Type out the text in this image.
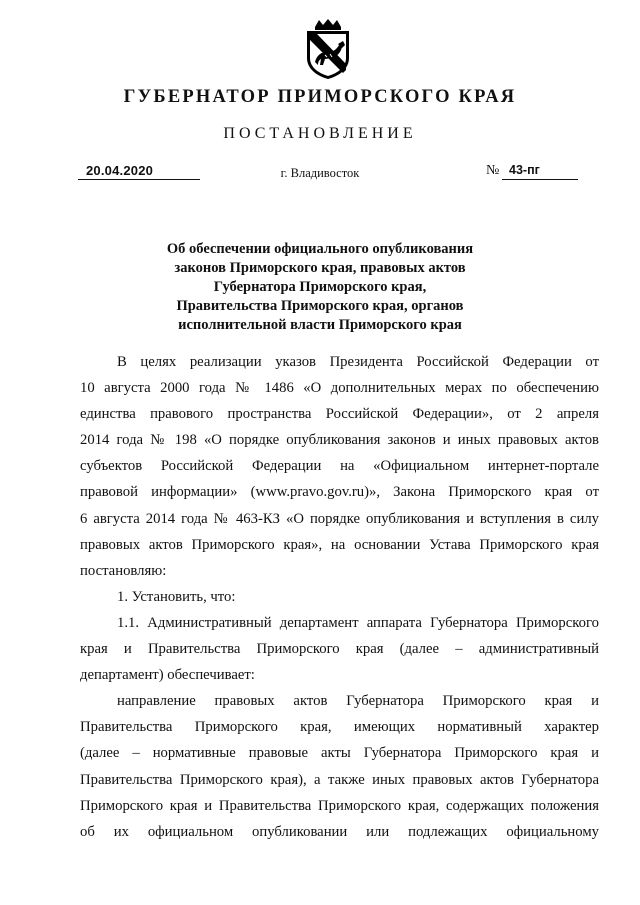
ГУБЕРНАТОР ПРИМОРСКОГО КРАЯ
ПОСТАНОВЛЕНИЕ
20.04.2020	г. Владивосток	№ 43-пг
Об обеспечении официального опубликования
законов Приморского края, правовых актов
Губернатора Приморского края,
Правительства Приморского края, органов
исполнительной власти Приморского края
В целях реализации указов Президента Российской Федерации от
10 августа 2000 года № 1486 «О дополнительных мерах по обеспечению
единства правового пространства Российской Федерации», от 2 апреля
2014 года № 198 «О порядке опубликования законов и иных правовых актов
субъектов Российской Федерации на «Официальном интернет-портале
правовой информации» (www.pravo.gov.ru)», Закона Приморского края от
6 августа 2014 года № 463-КЗ «О порядке опубликования и вступления в силу
правовых актов Приморского края», на основании Устава Приморского края
постановляю:
1. Установить, что:
1.1. Административный департамент аппарата Губернатора Приморского
края и Правительства Приморского края (далее – административный
департамент) обеспечивает:
направление правовых актов Губернатора Приморского края и
Правительства Приморского края, имеющих нормативный характер
(далее – нормативные правовые акты Губернатора Приморского края и
Правительства Приморского края), а также иных правовых актов Губернатора
Приморского края и Правительства Приморского края, содержащих положения
об их официальном опубликовании или подлежащих официальному
